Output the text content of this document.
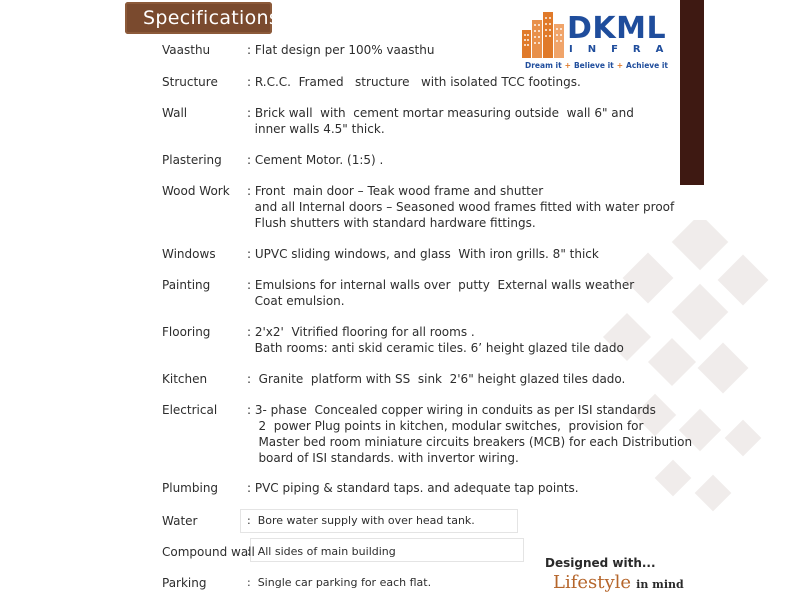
Specifications	DKML
INFRA
Dream it + Believe it + Achieve it
Vaasthu	: Flat design per 100% vaasthu
Structure : R.C.C.  Framed   structure   with isolated TCC footings.
Wall	: Brick wall  with  cement mortar measuring outside  wall 6" and
inner walls 4.5" thick.
Plastering : Cement Motor. (1:5) .
Wood Work : Front  main door – Teak wood frame and shutter
and all Internal doors – Seasoned wood frames fitted with water proof
Flush shutters with standard hardware fittings.
Windows	: UPVC sliding windows, and glass  With iron grills. 8" thick
Painting	: Emulsions for internal walls over  putty  External walls weather
Coat emulsion.
Flooring	: 2'x2'  Vitrified flooring for all rooms .
Bath rooms: anti skid ceramic tiles. 6’ height glazed tile dado
Kitchen	:  Granite  platform with SS  sink  2'6" height glazed tiles dado.
Electrical : 3- phase  Concealed copper wiring in conduits as per ISI standards
2  power Plug points in kitchen, modular switches,  provision for
Master bed room miniature circuits breakers (MCB) for each Distribution
board of ISI standards. with invertor wiring.
Plumbing : PVC piping & standard taps. and adequate tap points.
Water	:  Bore water supply with over head tank.
Compound wall
:  All sides of main building
Parking	:  Single car parking for each flat.
Designed with...
Lifestyle in mind
